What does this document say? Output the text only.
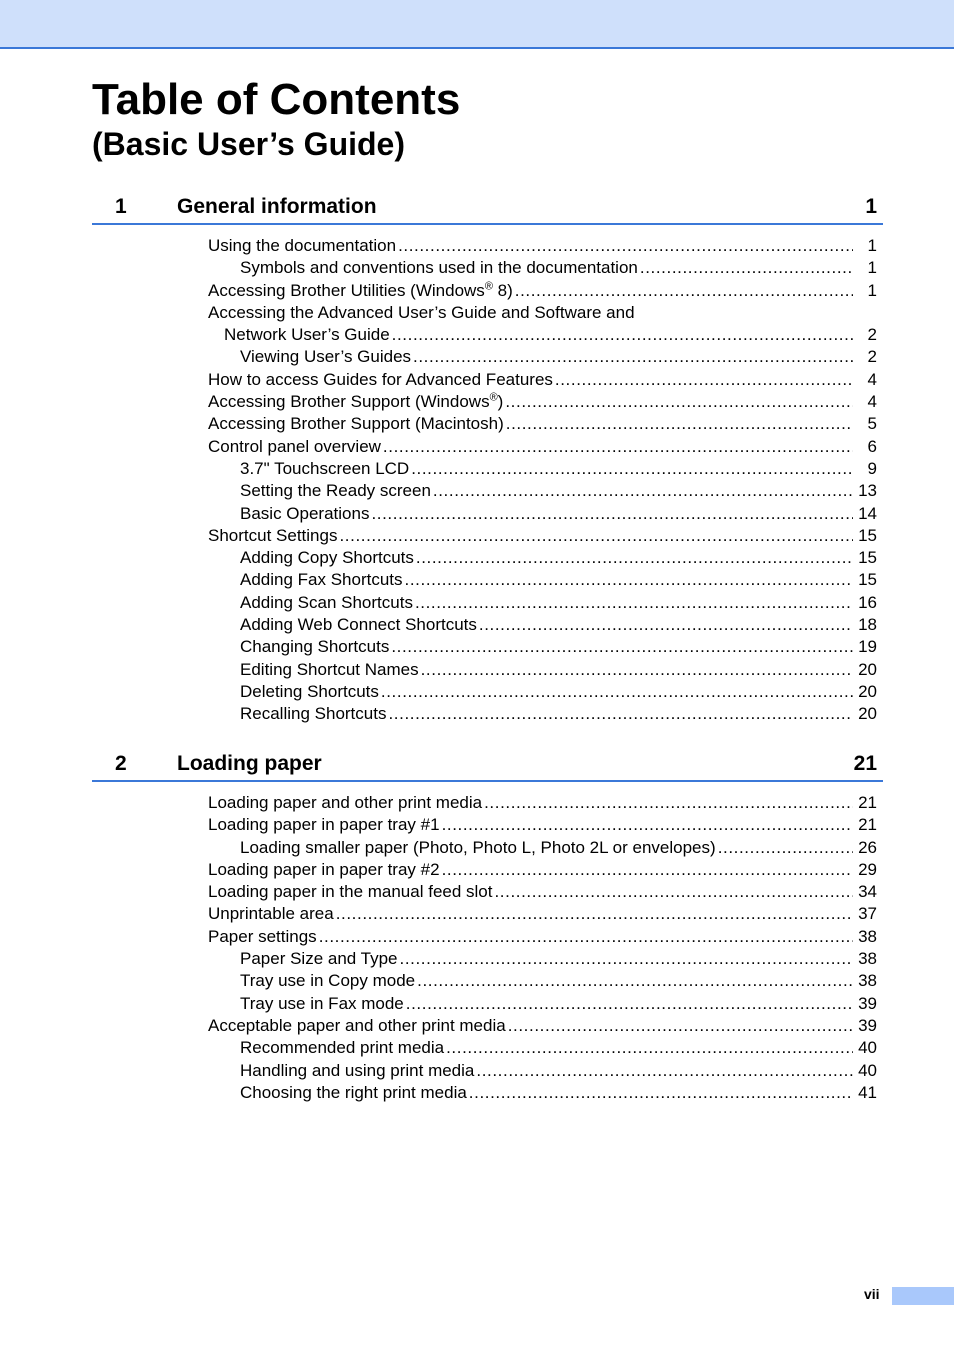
Table of Contents
(Basic User’s Guide)
1 General information	1
Using the documentation .....	1
Symbols and conventions used in the documentation .....	1
Accessing Brother Utilities (Windows® 8) .....	1
Accessing the Advanced User’s Guide and Software and
Network User’s Guide .....	2
Viewing User’s Guides .....	2
How to access Guides for Advanced Features .....	4
Accessing Brother Support (Windows®) .....	4
Accessing Brother Support (Macintosh) .....	5
Control panel overview .....	6
3.7" Touchscreen LCD .....	9
Setting the Ready screen .....	13
Basic Operations .....	14
Shortcut Settings .....	15
Adding Copy Shortcuts .....	15
Adding Fax Shortcuts .....	15
Adding Scan Shortcuts .....	16
Adding Web Connect Shortcuts .....	18
Changing Shortcuts .....	19
Editing Shortcut Names .....	20
Deleting Shortcuts .....	20
Recalling Shortcuts .....	20
2 Loading paper	21
Loading paper and other print media .....	21
Loading paper in paper tray #1 .....	21
Loading smaller paper (Photo, Photo L, Photo 2L or envelopes) .....	26
Loading paper in paper tray #2 .....	29
Loading paper in the manual feed slot .....	34
Unprintable area .....	37
Paper settings .....	38
Paper Size and Type .....	38
Tray use in Copy mode .....	38
Tray use in Fax mode .....	39
Acceptable paper and other print media .....	39
Recommended print media .....	40
Handling and using print media .....	40
Choosing the right print media .....	41
vii
